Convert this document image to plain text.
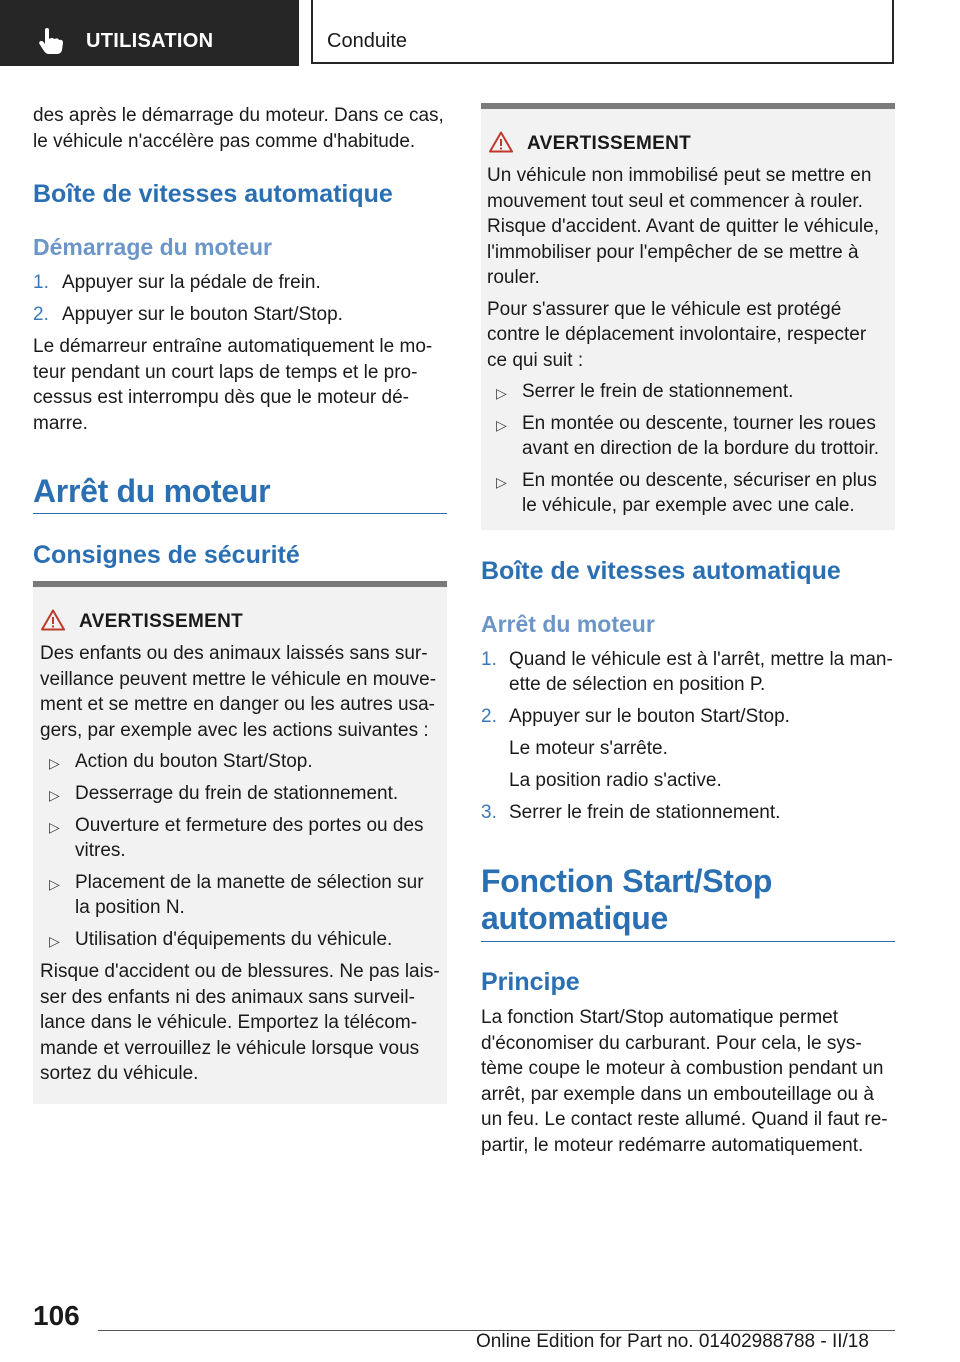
UTILISATION	Conduite

des après le démarrage du moteur. Dans ce cas,

le véhicule n'accélère pas comme d'habitude.

Boîte de vitesses automatique
Démarrage du moteur
1. Appuyer sur la pédale de frein.
2. Appuyer sur le bouton Start/Stop.

Le démarreur entraîne automatiquement le mo-

teur pendant un court laps de temps et le pro-

cessus est interrompu dès que le moteur dé-

marre.

Arrêt du moteur
Consignes de sécurité
AVERTISSEMENT

Des enfants ou des animaux laissés sans sur-

veillance peuvent mettre le véhicule en mouve-

ment et se mettre en danger ou les autres usa-

gers, par exemple avec les actions suivantes :

▷ Action du bouton Start/Stop.
▷ Desserrage du frein de stationnement.
▷ Ouverture et fermeture des portes ou des
vitres.
▷ Placement de la manette de sélection sur
la position N.
▷ Utilisation d'équipements du véhicule.

Risque d'accident ou de blessures. Ne pas lais-

ser des enfants ni des animaux sans surveil-

lance dans le véhicule. Emportez la télécom-

mande et verrouillez le véhicule lorsque vous

sortez du véhicule.

AVERTISSEMENT

Un véhicule non immobilisé peut se mettre en

mouvement tout seul et commencer à rouler.

Risque d'accident. Avant de quitter le véhicule,

l'immobiliser pour l'empêcher de se mettre à

rouler.

Pour s'assurer que le véhicule est protégé

contre le déplacement involontaire, respecter

ce qui suit :

▷ Serrer le frein de stationnement.
▷ En montée ou descente, tourner les roues
avant en direction de la bordure du trottoir.
▷ En montée ou descente, sécuriser en plus
le véhicule, par exemple avec une cale.
Boîte de vitesses automatique
Arrêt du moteur
1. Quand le véhicule est à l'arrêt, mettre la man-
ette de sélection en position P.
2. Appuyer sur le bouton Start/Stop.
Le moteur s'arrête.
La position radio s'active.
3. Serrer le frein de stationnement.
Fonction Start/Stop
automatique
Principe

La fonction Start/Stop automatique permet

d'économiser du carburant. Pour cela, le sys-

tème coupe le moteur à combustion pendant un

arrêt, par exemple dans un embouteillage ou à

un feu. Le contact reste allumé. Quand il faut re-

partir, le moteur redémarre automatiquement.

106
Online Edition for Part no. 01402988788 - II/18
